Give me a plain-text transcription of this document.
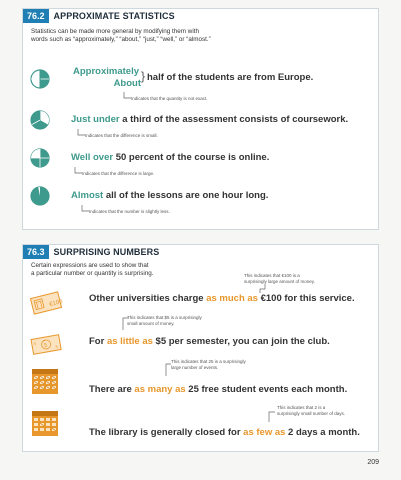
76.2	APPROXIMATE STATISTICS
Statistics can be made more general by modifying them with
words such as “approximately,” “about,” “just,” “well,” or “almost.”
Approximately
About
} half of the students are from Europe.
Indicates that the quantity is not exact.
Just under a third of the assessment consists of coursework.
Indicates that the difference is small.
Well over 50 percent of the course is online.
Indicates that the difference is large.
Almost all of the lessons are one hour long.
Indicates that the number is slightly less.
76.3	SURPRISING NUMBERS
Certain expressions are used to show that
a particular number or quantity is surprising.	This indicates that €100 is a
surprisingly large amount of money.
€100	Other universities charge as much as €100 for this service.
This indicates that $5 is a surprisingly
small amount of money.
5
5
5	For as little as $5 per semester, you can join the club.
This indicates that 25 is a surprisingly
large number of events.
There are as many as 25 free student events each month.
This indicates that 2 is a
surprisingly small number of days.
The library is generally closed for as few as 2 days a month.
209
